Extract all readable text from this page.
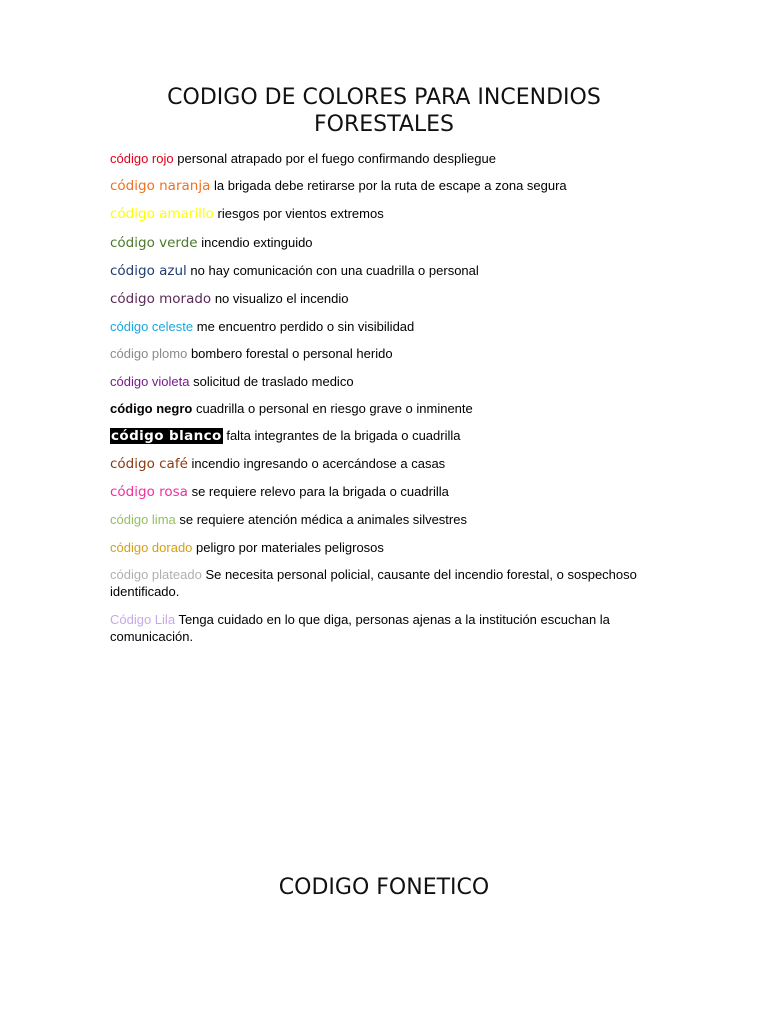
CODIGO DE COLORES PARA INCENDIOS FORESTALES
código rojo personal atrapado por el fuego confirmando despliegue
código naranja la brigada debe retirarse por la ruta de escape a zona segura
código amarillo riesgos por vientos extremos
código verde incendio extinguido
código azul no hay comunicación con una cuadrilla o personal
código morado no visualizo el incendio
código celeste me encuentro perdido o sin visibilidad
código plomo bombero forestal o personal herido
código violeta solicitud de traslado medico
código negro cuadrilla o personal en riesgo grave o inminente
código blanco falta integrantes de la brigada o cuadrilla
código café incendio ingresando o acercándose a casas
código rosa se requiere relevo para la brigada o cuadrilla
código lima se requiere atención médica a animales silvestres
código dorado peligro por materiales peligrosos
código plateado Se necesita personal policial, causante del incendio forestal, o sospechoso identificado.
Código Lila Tenga cuidado en lo que diga, personas ajenas a la institución escuchan la comunicación.
CODIGO FONETICO
